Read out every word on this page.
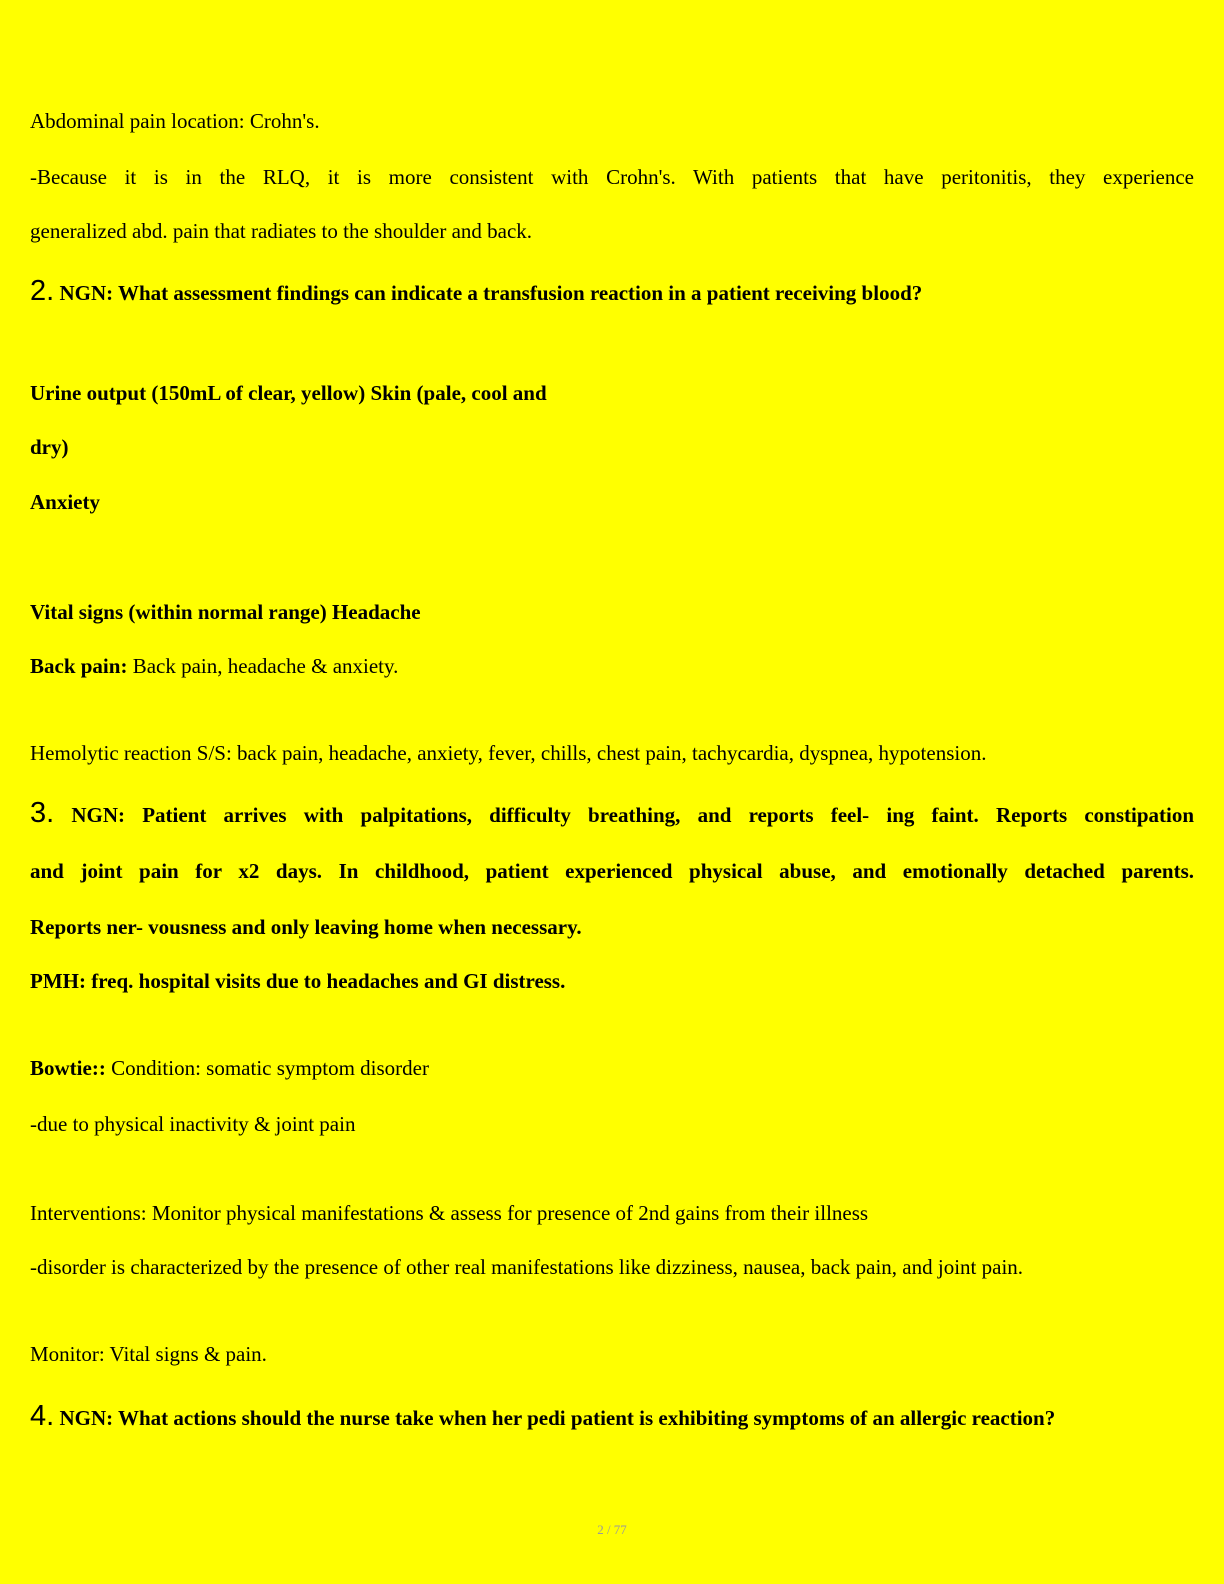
Abdominal pain location: Crohn's.
-Because it is in the RLQ, it is more consistent with Crohn's. With patients that have peritonitis, they experience
generalized abd. pain that radiates to the shoulder and back.
2. NGN: What assessment findings can indicate a transfusion reaction in a patient receiving blood?
Urine output (150mL of clear, yellow) Skin (pale, cool and
dry)
Anxiety
Vital signs (within normal range) Headache
Back pain: Back pain, headache & anxiety.
Hemolytic reaction S/S: back pain, headache, anxiety, fever, chills, chest pain, tachycardia, dyspnea, hypotension.
3. NGN: Patient arrives with palpitations, difficulty breathing, and reports feel- ing faint. Reports constipation
and joint pain for x2 days. In childhood, patient experienced physical abuse, and emotionally detached parents.
Reports ner- vousness and only leaving home when necessary.
PMH: freq. hospital visits due to headaches and GI distress.
Bowtie:: Condition: somatic symptom disorder
-due to physical inactivity & joint pain
Interventions: Monitor physical manifestations & assess for presence of 2nd gains from their illness
-disorder is characterized by the presence of other real manifestations like dizziness, nausea, back pain, and joint pain.
Monitor: Vital signs & pain.
4. NGN: What actions should the nurse take when her pedi patient is exhibiting symptoms of an allergic reaction?
2 / 77
